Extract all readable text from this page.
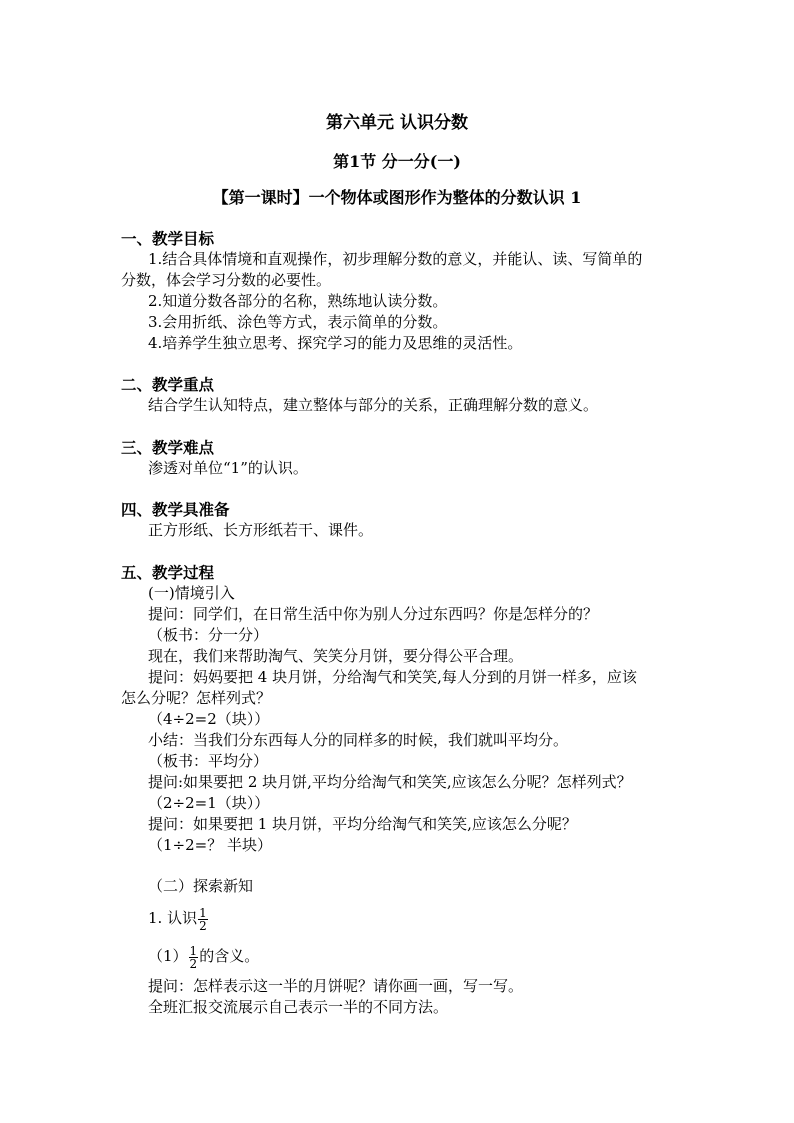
第六单元 认识分数
第1节 分一分(一)
【第一课时】一个物体或图形作为整体的分数认识 1
一、教学目标
1.结合具体情境和直观操作，初步理解分数的意义，并能认、读、写简单的
分数，体会学习分数的必要性。
2.知道分数各部分的名称，熟练地认读分数。
3.会用折纸、涂色等方式，表示简单的分数。
4.培养学生独立思考、探究学习的能力及思维的灵活性。
二、教学重点
结合学生认知特点，建立整体与部分的关系，正确理解分数的意义。
三、教学难点
渗透对单位“1”的认识。
四、教学具准备
正方形纸、长方形纸若干、课件。
五、教学过程
(一)情境引入
提问：同学们，在日常生活中你为别人分过东西吗？你是怎样分的？
（板书：分一分）
现在，我们来帮助淘气、笑笑分月饼，要分得公平合理。
提问：妈妈要把 4 块月饼，分给淘气和笑笑,每人分到的月饼一样多，应该
怎么分呢？怎样列式？
（4÷2=2（块））
小结：当我们分东西每人分的同样多的时候，我们就叫平均分。
（板书：平均分）
提问:如果要把 2 块月饼,平均分给淘气和笑笑,应该怎么分呢？怎样列式？
（2÷2=1（块））
提问：如果要把 1 块月饼，平均分给淘气和笑笑,应该怎么分呢？
（1÷2=？ 半块）
（二）探索新知
1. 认识 $\frac{1}{2}$
$(1) \frac{1}{2}$ 的含义。
提问：怎样表示这一半的月饼呢？请你画一画，写一写。
全班汇报交流展示自己表示一半的不同方法。
